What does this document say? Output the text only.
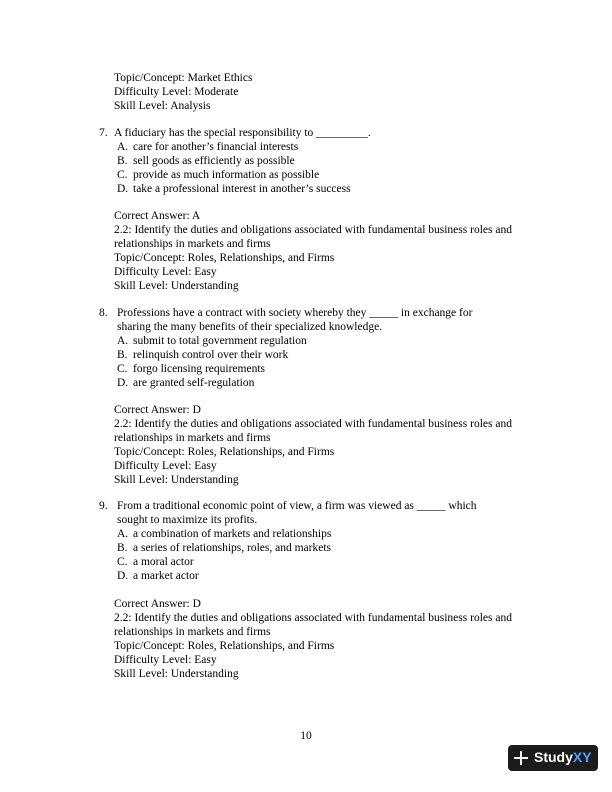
Topic/Concept: Market Ethics
Difficulty Level: Moderate
Skill Level: Analysis
7. A fiduciary has the special responsibility to _________.
A. care for another’s financial interests
B. sell goods as efficiently as possible
C. provide as much information as possible
D. take a professional interest in another’s success
Correct Answer: A
2.2: Identify the duties and obligations associated with fundamental business roles and
relationships in markets and firms
Topic/Concept: Roles, Relationships, and Firms
Difficulty Level: Easy
Skill Level: Understanding
8. Professions have a contract with society whereby they _____ in exchange for
sharing the many benefits of their specialized knowledge.
A. submit to total government regulation
B. relinquish control over their work
C. forgo licensing requirements
D. are granted self-regulation
Correct Answer: D
2.2: Identify the duties and obligations associated with fundamental business roles and
relationships in markets and firms
Topic/Concept: Roles, Relationships, and Firms
Difficulty Level: Easy
Skill Level: Understanding
9. From a traditional economic point of view, a firm was viewed as _____ which
sought to maximize its profits.
A. a combination of markets and relationships
B. a series of relationships, roles, and markets
C. a moral actor
D. a market actor
Correct Answer: D
2.2: Identify the duties and obligations associated with fundamental business roles and
relationships in markets and firms
Topic/Concept: Roles, Relationships, and Firms
Difficulty Level: Easy
Skill Level: Understanding
10
Study XY
